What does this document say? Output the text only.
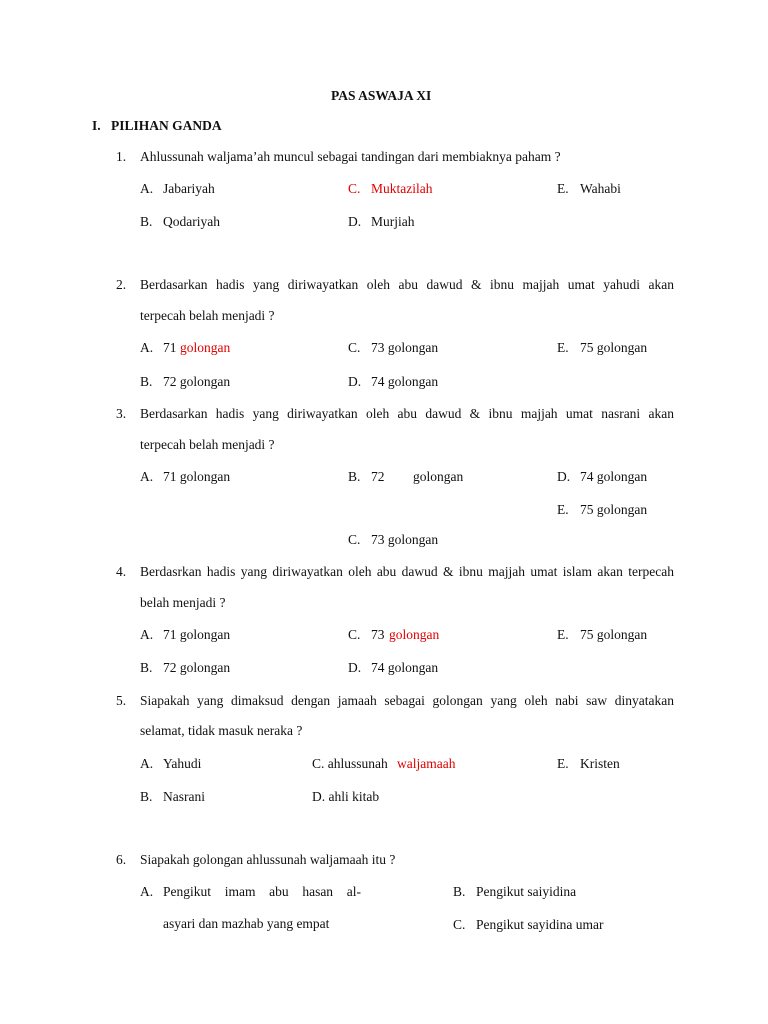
PAS ASWAJA XI
I. PILIHAN GANDA
1. Ahlussunah waljama’ah muncul sebagai tandingan dari membiaknya paham ?
A. Jabariyah	C. Muktazilah	E. Wahabi
B. Qodariyah	D. Murjiah
2. Berdasarkan hadis yang diriwayatkan oleh abu dawud & ibnu majjah umat yahudi akan
terpecah belah menjadi ?
A. 71 golongan	C. 73 golongan	E. 75 golongan
B. 72 golongan	D. 74 golongan
3. Berdasarkan hadis yang diriwayatkan oleh abu dawud & ibnu majjah umat nasrani akan
terpecah belah menjadi ?
A. 71 golongan	B. 72 golongan	D. 74 golongan
E. 75 golongan
C. 73 golongan
4. Berdasrkan hadis yang diriwayatkan oleh abu dawud & ibnu majjah umat islam akan terpecah
belah menjadi ?
A. 71 golongan	C. 73 golongan	E. 75 golongan
B. 72 golongan	D. 74 golongan
5. Siapakah yang dimaksud dengan jamaah sebagai golongan yang oleh nabi saw dinyatakan
selamat, tidak masuk neraka ?
A. Yahudi	C. ahlussunah waljamaah	E. Kristen
B. Nasrani	D. ahli kitab
6. Siapakah golongan ahlussunah waljamaah itu ?
A. Pengikut imam abu hasan al-
asyari dan mazhab yang empat
B. Pengikut saiyidina
C. Pengikut sayidina umar
